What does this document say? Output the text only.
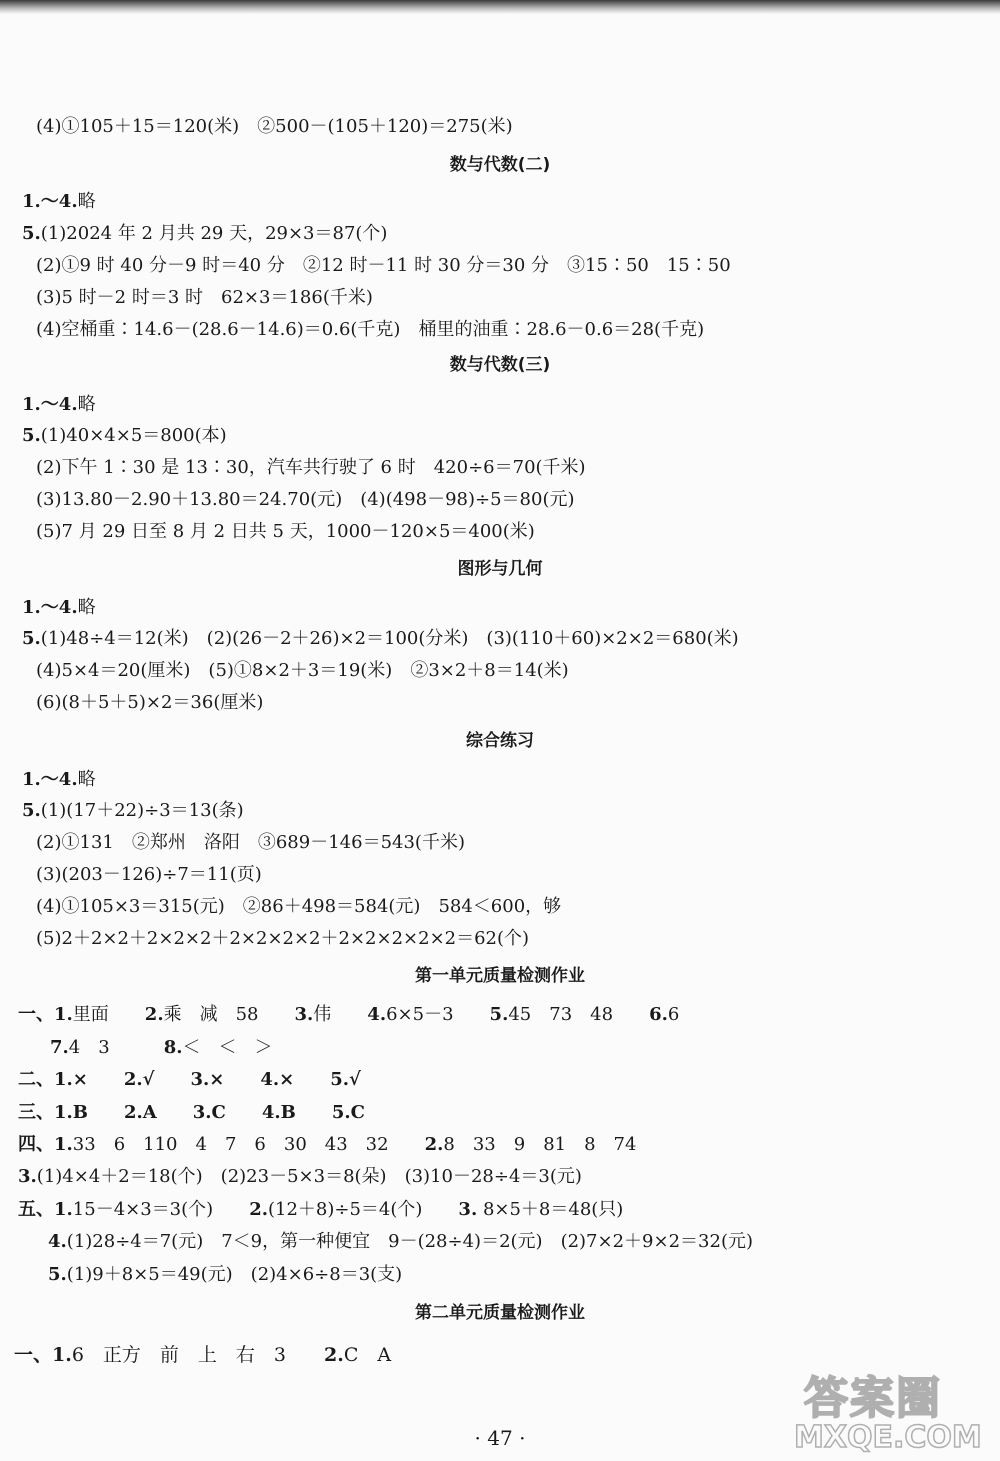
(4)①105＋15＝120(米)　②500－(105＋120)＝275(米)
数与代数(二)
1.～4.略
5.(1)2024 年 2 月共 29 天，29×3＝87(个)
(2)①9 时 40 分－9 时＝40 分　②12 时－11 时 30 分＝30 分　③15∶50　15∶50
(3)5 时－2 时＝3 时　62×3＝186(千米)
(4)空桶重∶14.6－(28.6－14.6)＝0.6(千克)　桶里的油重∶28.6－0.6＝28(千克)
数与代数(三)
1.～4.略
5.(1)40×4×5＝800(本)
(2)下午 1∶30 是 13∶30，汽车共行驶了 6 时　420÷6＝70(千米)
(3)13.80－2.90＋13.80＝24.70(元)　(4)(498－98)÷5＝80(元)
(5)7 月 29 日至 8 月 2 日共 5 天，1000－120×5＝400(米)
图形与几何
1.～4.略
5.(1)48÷4＝12(米)　(2)(26－2＋26)×2＝100(分米)　(3)(110＋60)×2×2＝680(米)
(4)5×4＝20(厘米)　(5)①8×2＋3＝19(米)　②3×2＋8＝14(米)
(6)(8＋5＋5)×2＝36(厘米)
综合练习
1.～4.略
5.(1)(17＋22)÷3＝13(条)
(2)①131　②郑州　洛阳　③689－146＝543(千米)
(3)(203－126)÷7＝11(页)
(4)①105×3＝315(元)　②86＋498＝584(元)　584＜600，够
(5)2＋2×2＋2×2×2＋2×2×2×2＋2×2×2×2×2＝62(个)
第一单元质量检测作业
一、1.里面　　 2.乘　减　58　　 3.伟　　 4.6×5－3　　 5.45　73　48　　 6.6
7.4　3　　　	8.＜　＜　＞
二、1.×　　2.√　　3.×　　4.×　　5.√
三、1.B　　2.A　　3.C　　4.B　　5.C
四、1.33　6　110　4　7　6　30　43　32　　 2.8　33　9　81　8　74
3.(1)4×4＋2＝18(个)　(2)23－5×3＝8(朵)　(3)10－28÷4＝3(元)
五、1.15－4×3＝3(个)　　 2.(12＋8)÷5＝4(个)　　 3. 8×5＋8＝48(只)
4.(1)28÷4＝7(元)　7＜9，第一种便宜　9－(28÷4)＝2(元)　(2)7×2＋9×2＝32(元)
5.(1)9＋8×5＝49(元)　(2)4×6÷8＝3(支)
第二单元质量检测作业
一、1.6　正方　前　上　右　3　　 2.C　A
· 47 ·
答案圈
MXQE.COM
